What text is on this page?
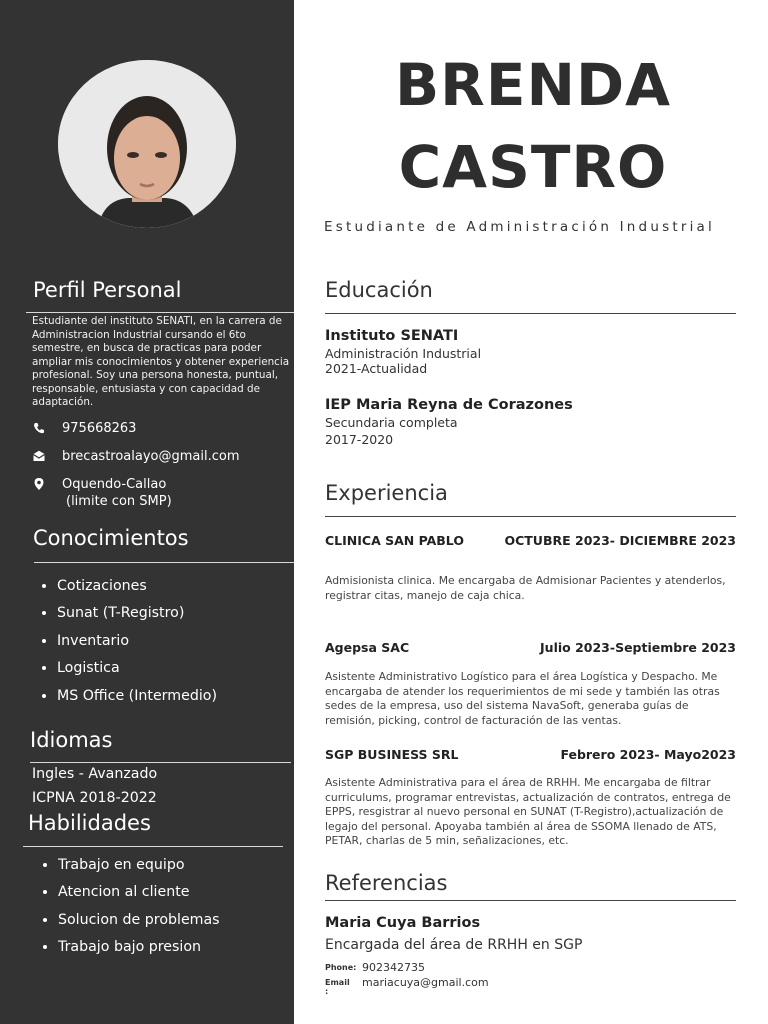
Perfil Personal
Estudiante del instituto SENATI, en la carrera de Administracion Industrial cursando el 6to semestre, en busca de practicas para poder ampliar mis conocimientos y obtener experiencia profesional. Soy una persona honesta, puntual, responsable, entusiasta y con capacidad de adaptación.
975668263
brecastroalayo@gmail.com
Oquendo-Callao
(limite con SMP)
Conocimientos
• Cotizaciones
• Sunat (T-Registro)
• Inventario
• Logistica
• MS Office (Intermedio)
Idiomas
Ingles - Avanzado
ICPNA 2018-2022
Habilidades
• Trabajo en equipo
• Atencion al cliente
• Solucion de problemas
• Trabajo bajo presion
BRENDA
CASTRO
Estudiante de Administración Industrial
Educación
Instituto SENATI
Administración Industrial
2021-Actualidad
IEP Maria Reyna de Corazones
Secundaria completa
2017-2020
Experiencia
CLINICA SAN PABLO	OCTUBRE 2023- DICIEMBRE 2023
Admisionista clinica. Me encargaba de Admisionar Pacientes y atenderlos, registrar citas, manejo de caja chica.
Agepsa SAC	Julio 2023-Septiembre 2023
Asistente Administrativo Logístico para el área Logística y Despacho. Me encargaba de atender los requerimientos de mi sede y también las otras sedes de la empresa, uso del sistema NavaSoft, generaba guías de remisión, picking, control de facturación de las ventas.
SGP BUSINESS SRL	Febrero 2023- Mayo2023
Asistente Administrativa para el área de RRHH. Me encargaba de filtrar curriculums, programar entrevistas, actualización de contratos, entrega de EPPS, resgistrar al nuevo personal en SUNAT (T-Registro),actualización de legajo del personal. Apoyaba también al área de SSOMA llenado de ATS, PETAR, charlas de 5 min, señalizaciones, etc.
Referencias
Maria Cuya Barrios
Encargada del área de RRHH en SGP
Phone: 902342735
Email :
mariacuya@gmail.com
